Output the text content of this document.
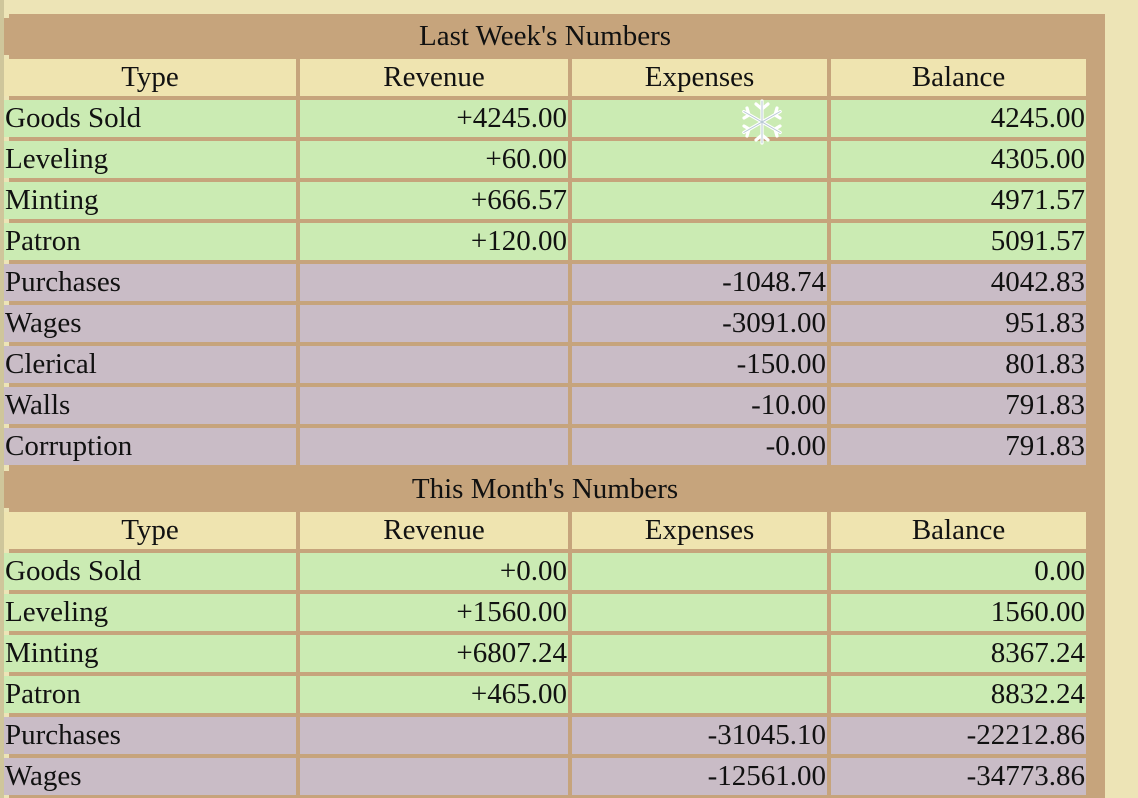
Last Week's Numbers			
Type	Revenue	Expenses	Balance
Goods Sold	+4245.00		4245.00
Leveling	+60.00		4305.00
Minting	+666.57		4971.57
Patron	+120.00		5091.57
Purchases		-1048.74	4042.83
Wages		-3091.00	951.83
Clerical		-150.00	801.83
Walls		-10.00	791.83
Corruption		-0.00	791.83
This Month's Numbers			
Type	Revenue	Expenses	Balance
Goods Sold	+0.00		0.00
Leveling	+1560.00		1560.00
Minting	+6807.24		8367.24
Patron	+465.00		8832.24
Purchases		-31045.10	-22212.86
Wages		-12561.00	-34773.86
